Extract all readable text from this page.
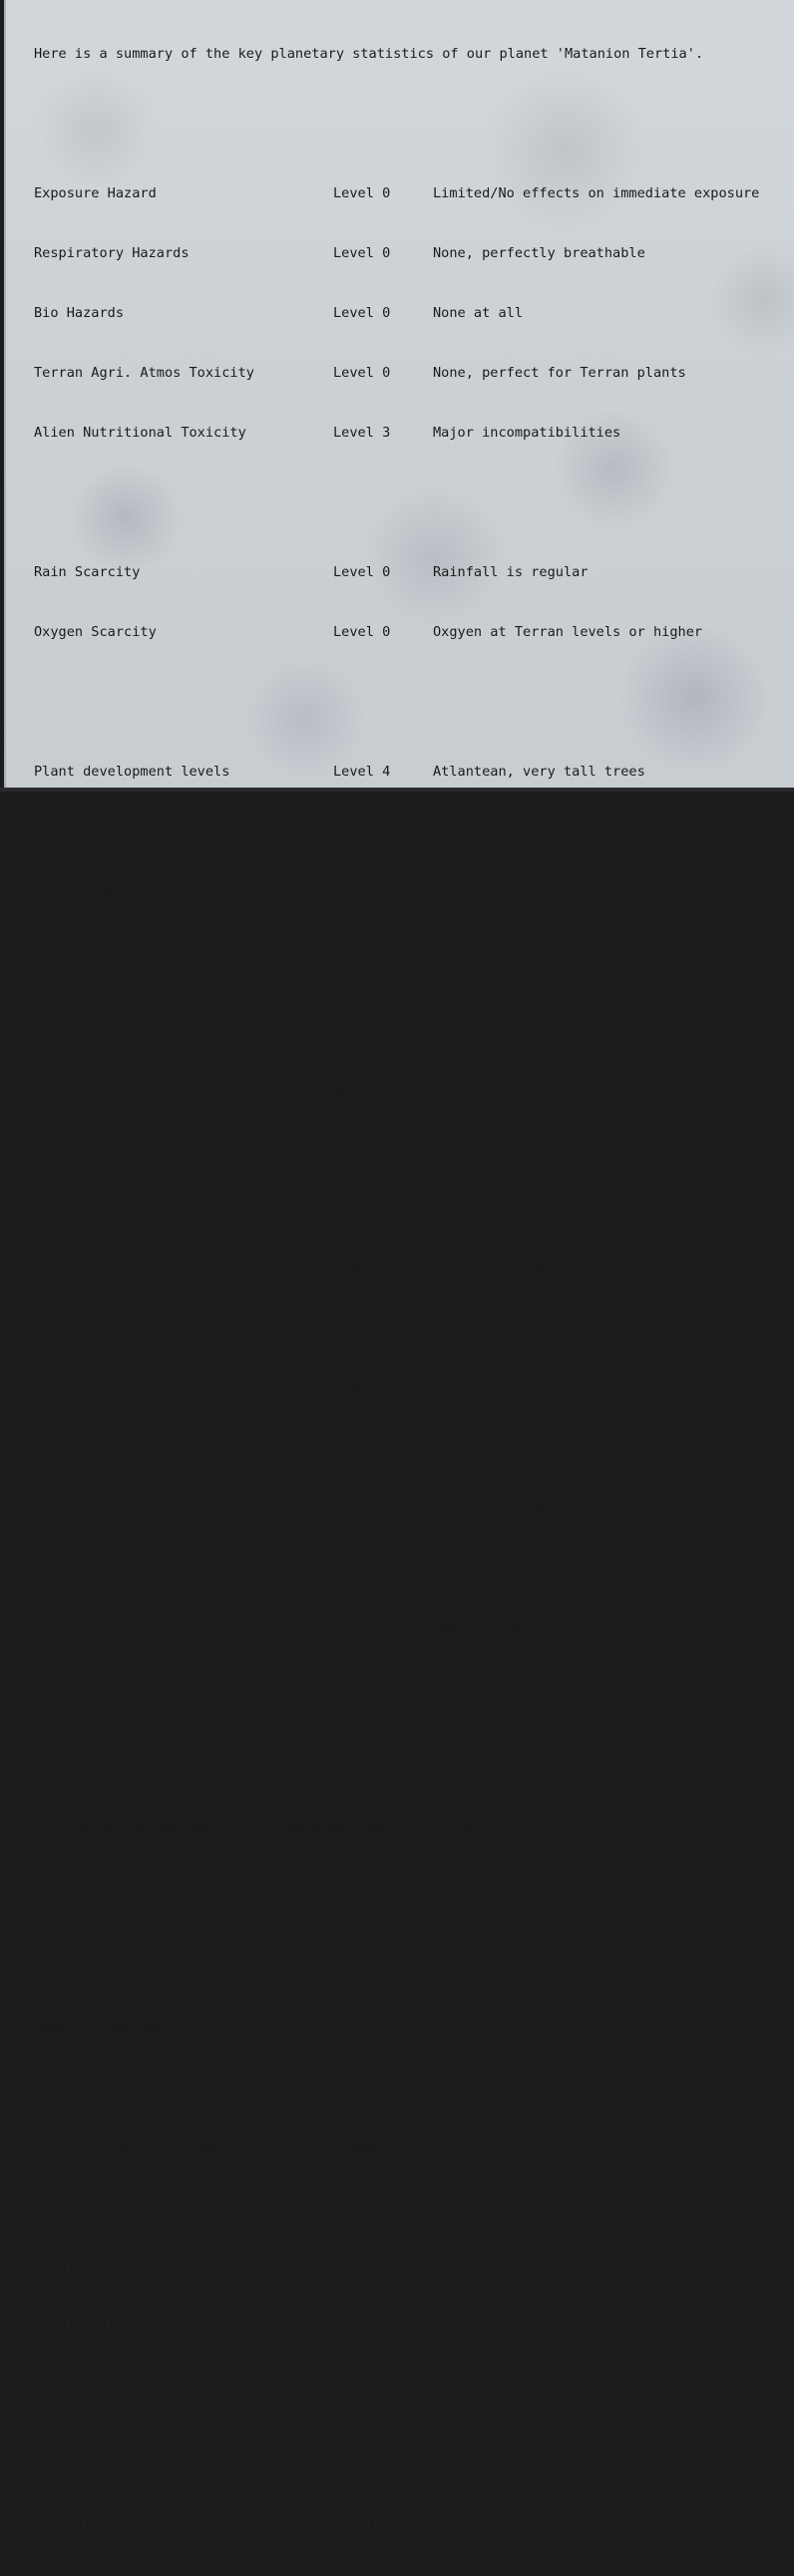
Here is a summary of the key planetary statistics of our planet 'Matanion Tertia'.

Exposure Hazard	Level 0	Limited/No effects on immediate exposure

Respiratory Hazards	Level 0	None, perfectly breathable

Bio Hazards	Level 0	None at all

Terran Agri. Atmos Toxicity	Level 0	None, perfect for Terran plants

Alien Nutritional Toxicity	Level 3	Major incompatibilities

Rain Scarcity	Level 0	Rainfall is regular

Oxygen Scarcity	Level 0	Oxgyen at Terran levels or higher

Plant development levels	Level 4	Atlantean, very tall trees

Geological activity	No	Dead for 58 million years

Heavy elements	67 %

Gravity	0.3g

Atmospheric Density	60 %

Atmospheric composition	82.41%	Xenon (Xe)

17.15%	Oxygen (O₂)

0.4%	Carbon dioxide (CO₂)

0.024%	Methane (CH₄)

0.005%	Argon (Ar)

0.0027%	Nitrogen (N₂)

2ppm	Sulfur dioxide (SO₂)

1ppm	Neon (Ne)

1ppm	Ammonia (NH₃)

1ppm	Nitrogen Oxides (NOₓ)

Farming Method advised is 'Terran plants open sky farming'

Methane synthesis mod	0%

Deepcore gas mod	0%

Solar panels mod	135%

Dissolved Metals in Sea	579ppb

Dissolved Metals in Soil	1ppb

Acidity/Alkalinity of Rain	PH 6.2

Acidity/Alkalinity of River	PH 6.4

Acidity/Alkalinity of Sea	PH 7.1

Aircraft Engine advise is: 'Light-- Propeller/Jet'
